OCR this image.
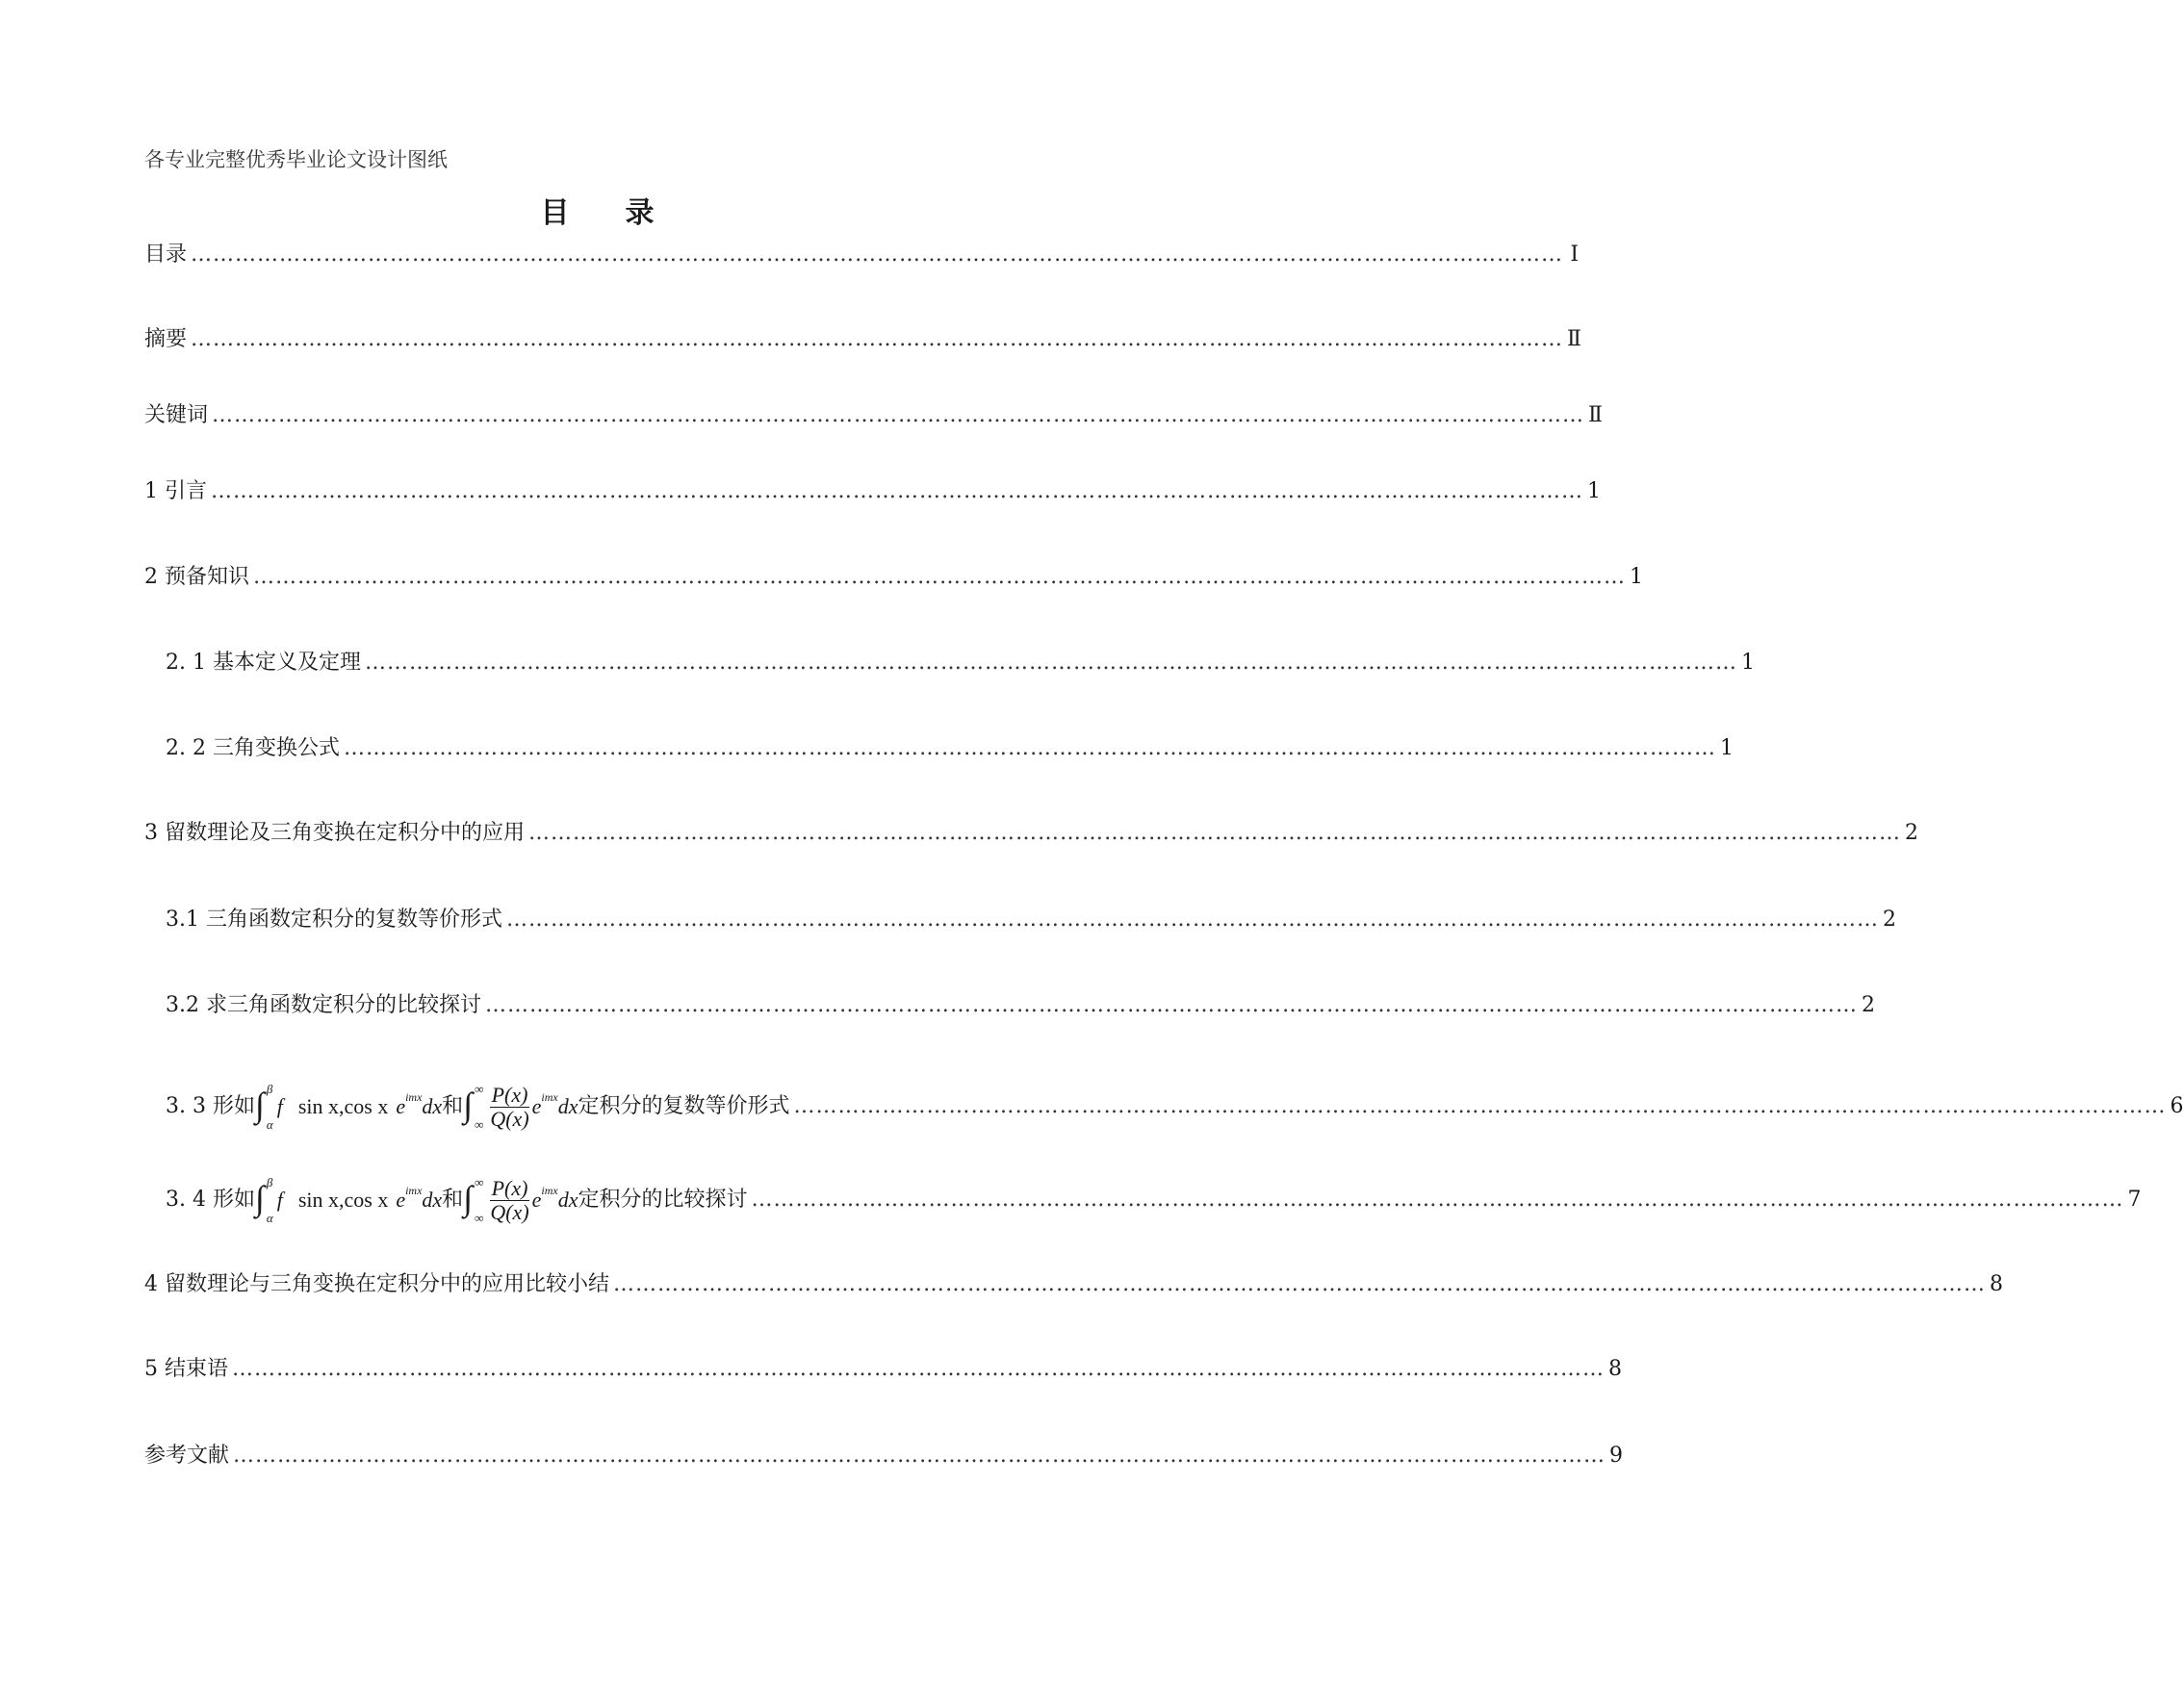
各专业完整优秀毕业论文设计图纸
目录
目录 …………………………………………………………………………………………………………………………………………………………………… Ⅰ
摘要 …………………………………………………………………………………………………………………………………………………………………… Ⅱ
关键词 …………………………………………………………………………………………………………………………………………………………………… Ⅱ
1 引言 …………………………………………………………………………………………………………………………………………………………………… 1
2 预备知识 …………………………………………………………………………………………………………………………………………………………………… 1
2. 1 基本定义及定理 …………………………………………………………………………………………………………………………………………………………………… 1
2. 2 三角变换公式 …………………………………………………………………………………………………………………………………………………………………… 1
3 留数理论及三角变换在定积分中的应用 …………………………………………………………………………………………………………………………………………………………………… 2
3.1 三角函数定积分的复数等价形式 …………………………………………………………………………………………………………………………………………………………………… 2
3.2 求三角函数定积分的比较探讨 …………………………………………………………………………………………………………………………………………………………………… 2
3. 3 形如 ∫ β
α
f sin x,cos x e imx dx 和 ∫ ∞
∞ $\frac{P(x)}{Q(x)}$ e imx dx 定积分的复数等价形式 …………………………………………………………………………………………………………………………………………………………………… 6
3. 4 形如 ∫ β
α
f sin x,cos x e imx dx 和 ∫ ∞
∞ $\frac{P(x)}{Q(x)}$ e imx dx 定积分的比较探讨 …………………………………………………………………………………………………………………………………………………………………… 7
4 留数理论与三角变换在定积分中的应用比较小结 …………………………………………………………………………………………………………………………………………………………………… 8
5 结束语 …………………………………………………………………………………………………………………………………………………………………… 8
参考文献 …………………………………………………………………………………………………………………………………………………………………… 9
